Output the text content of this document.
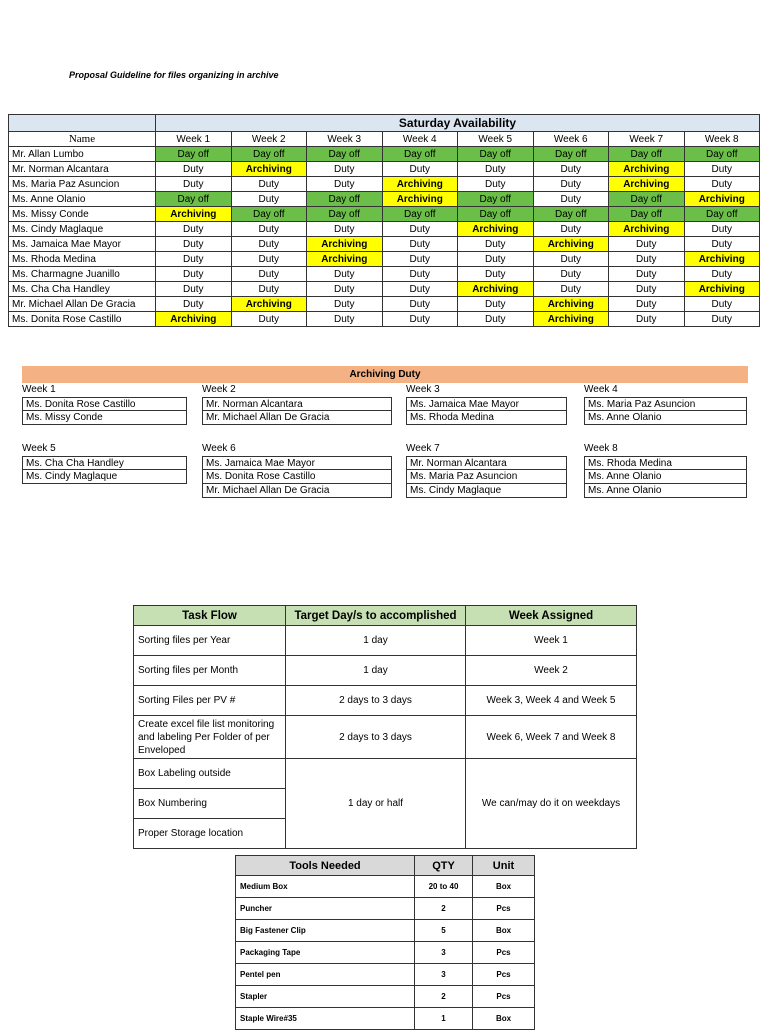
Proposal Guideline for files organizing in archive
	Saturday Availability							
Name	Week 1	Week 2	Week 3	Week 4	Week 5	Week 6	Week 7	Week 8
Mr. Allan Lumbo	Day off	Day off	Day off	Day off	Day off	Day off	Day off	Day off
Mr. Norman Alcantara	Duty	Archiving	Duty	Duty	Duty	Duty	Archiving	Duty
Ms. Maria Paz Asuncion	Duty	Duty	Duty	Archiving	Duty	Duty	Archiving	Duty
Ms. Anne Olanio	Day off	Duty	Day off	Archiving	Day off	Duty	Day off	Archiving
Ms. Missy Conde	Archiving	Day off	Day off	Day off	Day off	Day off	Day off	Day off
Ms. Cindy Maglaque	Duty	Duty	Duty	Duty	Archiving	Duty	Archiving	Duty
Ms. Jamaica Mae Mayor	Duty	Duty	Archiving	Duty	Duty	Archiving	Duty	Duty
Ms. Rhoda Medina	Duty	Duty	Archiving	Duty	Duty	Duty	Duty	Archiving
Ms. Charmagne Juanillo	Duty	Duty	Duty	Duty	Duty	Duty	Duty	Duty
Ms. Cha Cha Handley	Duty	Duty	Duty	Duty	Archiving	Duty	Duty	Archiving
Mr. Michael Allan De Gracia	Duty	Archiving	Duty	Duty	Duty	Archiving	Duty	Duty
Ms. Donita Rose Castillo	Archiving	Duty	Duty	Duty	Duty	Archiving	Duty	Duty
Archiving Duty
Week 1
Ms. Donita Rose Castillo
Ms. Missy Conde
Week 2
Mr. Norman Alcantara
Mr. Michael Allan De Gracia
Week 3
Ms. Jamaica Mae Mayor
Ms. Rhoda Medina
Week 4
Ms. Maria Paz Asuncion
Ms. Anne Olanio
Week 5
Ms. Cha Cha Handley
Ms. Cindy Maglaque
Week 6
Ms. Jamaica Mae Mayor
Ms. Donita Rose Castillo
Mr. Michael Allan De Gracia
Week 7
Mr. Norman Alcantara
Ms. Maria Paz Asuncion
Ms. Cindy Maglaque
Week 8
Ms. Rhoda Medina
Ms. Anne Olanio
Ms. Anne Olanio
Task Flow	Target Day/s to accomplished	Week Assigned
Sorting files per Year	1 day	Week 1
Sorting files per Month	1 day	Week 2
Sorting Files per PV #	2 days to 3 days	Week 3, Week 4 and Week 5
Create excel file list monitoring and labeling Per Folder of per Enveloped	2 days to 3 days	Week 6, Week 7 and Week 8
Box Labeling outside	1 day or half	We can/may do it on weekdays
Box Numbering		
Proper Storage location		
Tools Needed	QTY	Unit
Medium Box	20 to 40	Box
Puncher	2	Pcs
Big Fastener Clip	5	Box
Packaging Tape	3	Pcs
Pentel pen	3	Pcs
Stapler	2	Pcs
Staple Wire#35	1	Box
